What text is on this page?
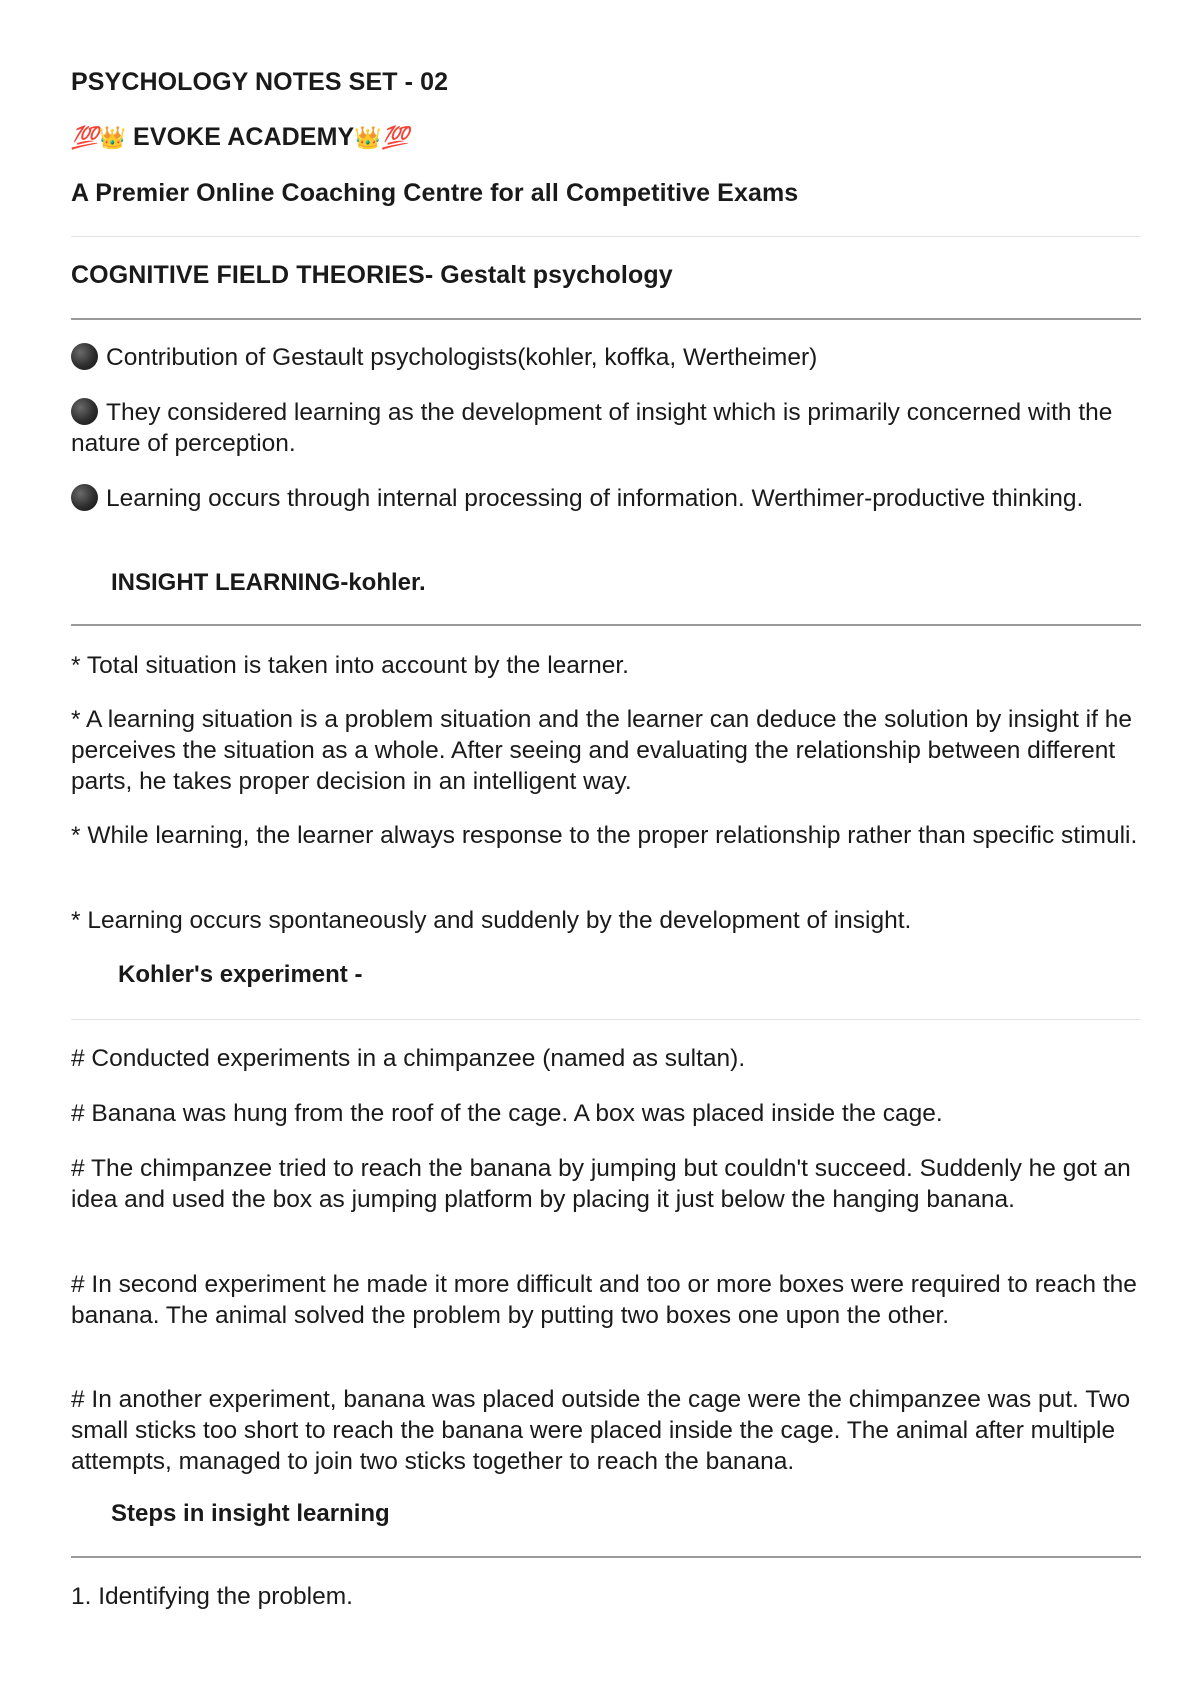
PSYCHOLOGY NOTES SET - 02
💯👑 EVOKE ACADEMY👑💯
A Premier Online Coaching Centre for all Competitive Exams
COGNITIVE FIELD THEORIES- Gestalt psychology
Contribution of Gestault psychologists(kohler, koffka, Wertheimer)
They considered learning as the development of insight which is primarily concerned with the nature of perception.
Learning occurs through internal processing of information. Werthimer-productive thinking.
INSIGHT LEARNING-kohler.
* Total situation is taken into account by the learner.
* A learning situation is a problem situation and the learner can deduce the solution by insight if he perceives the situation as a whole. After seeing and evaluating the relationship between different parts, he takes proper decision in an intelligent way.
* While learning, the learner always response to the proper relationship rather than specific stimuli.
* Learning occurs spontaneously and suddenly by the development of insight.
Kohler's experiment -
# Conducted experiments in a chimpanzee (named as sultan).
# Banana was hung from the roof of the cage. A box was placed inside the cage.
# The chimpanzee tried to reach the banana by jumping but couldn't succeed. Suddenly he got an idea and used the box as jumping platform by placing it just below the hanging banana.
# In second experiment he made it more difficult and too or more boxes were required to reach the banana. The animal solved the problem by putting two boxes one upon the other.
# In another experiment, banana was placed outside the cage were the chimpanzee was put. Two small sticks too short to reach the banana were placed inside the cage. The animal after multiple attempts, managed to join two sticks together to reach the banana.
Steps in insight learning
1. Identifying the problem.
